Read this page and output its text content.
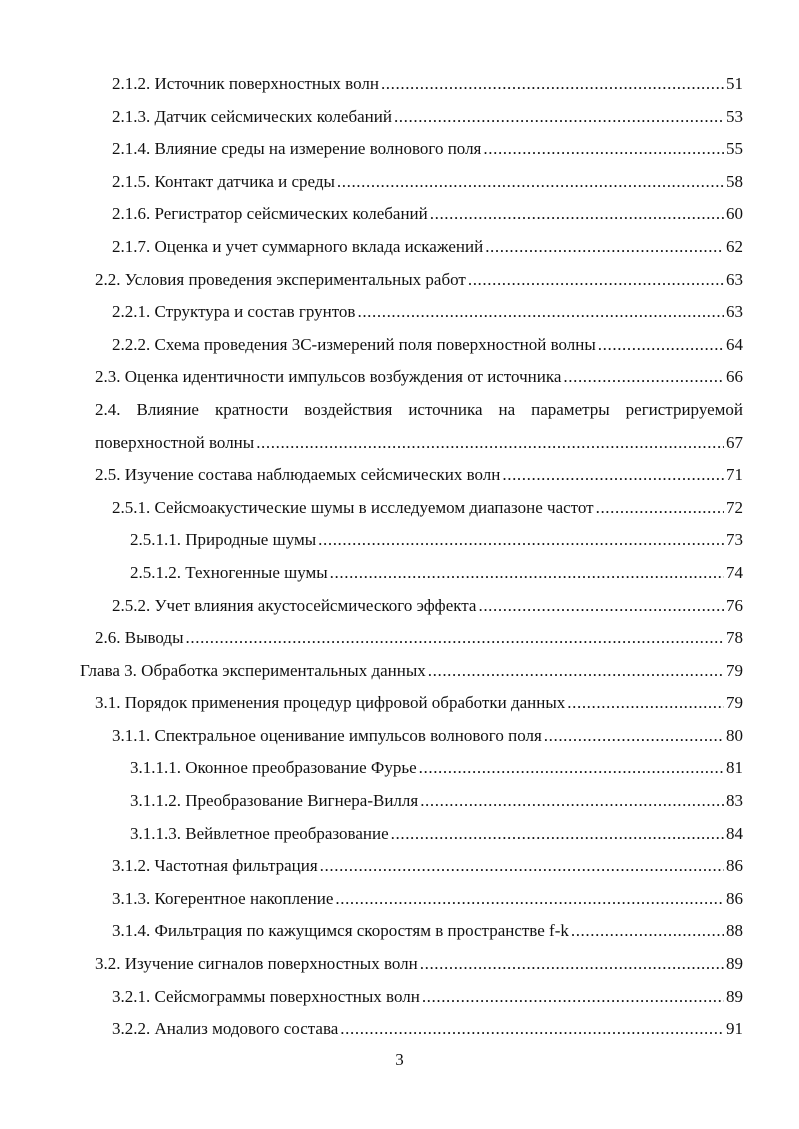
2.1.2. Источник поверхностных волн .....	51
2.1.3. Датчик сейсмических колебаний .....	53
2.1.4. Влияние среды на измерение волнового поля .....	55
2.1.5. Контакт датчика и среды .....	58
2.1.6. Регистратор сейсмических колебаний .....	60
2.1.7. Оценка и учет суммарного вклада искажений .....	62
2.2. Условия проведения экспериментальных работ .....	63
2.2.1. Структура и состав грунтов .....	63
2.2.2. Схема проведения 3С-измерений поля поверхностной волны .....	64
2.3. Оценка идентичности импульсов возбуждения от источника .....	66
2.4. Влияние кратности воздействия источника на параметры регистрируемой
поверхностной волны .....	67
2.5. Изучение состава наблюдаемых сейсмических волн .....	71
2.5.1. Сейсмоакустические шумы в исследуемом диапазоне частот .....	72
2.5.1.1. Природные шумы .....	73
2.5.1.2. Техногенные шумы .....	74
2.5.2. Учет влияния акустосейсмического эффекта .....	76
2.6. Выводы .....	78
Глава 3. Обработка экспериментальных данных .....	79
3.1. Порядок применения процедур цифровой обработки данных .....	79
3.1.1. Спектральное оценивание импульсов волнового поля .....	80
3.1.1.1. Оконное преобразование Фурье .....	81
3.1.1.2. Преобразование Вигнера-Вилля .....	83
3.1.1.3. Вейвлетное преобразование .....	84
3.1.2. Частотная фильтрация .....	86
3.1.3. Когерентное накопление .....	86
3.1.4. Фильтрация по кажущимся скоростям в пространстве f-k .....	88
3.2. Изучение сигналов поверхностных волн .....	89
3.2.1. Сейсмограммы поверхностных волн .....	89
3.2.2. Анализ модового состава .....	91
3
